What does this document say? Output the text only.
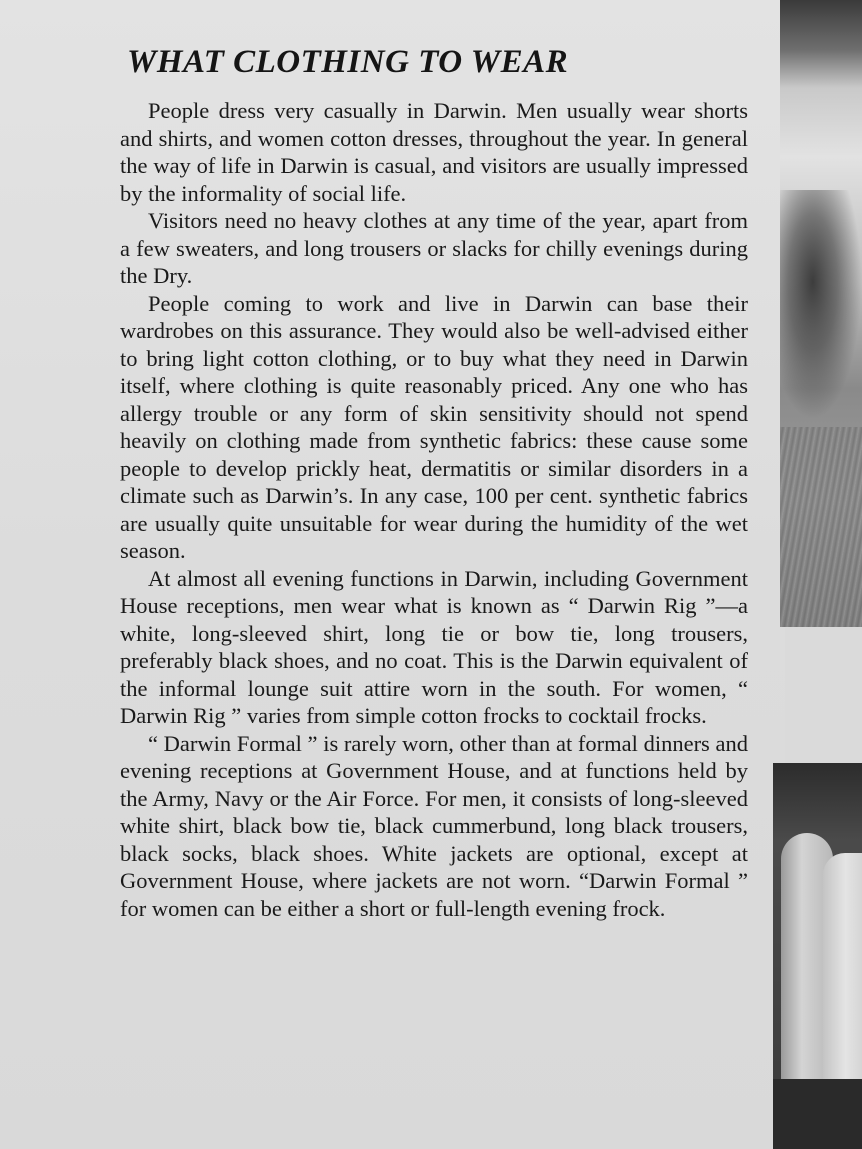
WHAT CLOTHING TO WEAR

People dress very casually in Darwin. Men usually wear shorts and shirts, and women cotton dresses, throughout the year. In general the way of life in Darwin is casual, and visitors are usually impressed by the informality of social life.

Visitors need no heavy clothes at any time of the year, apart from a few sweaters, and long trousers or slacks for chilly evenings during the Dry.

People coming to work and live in Darwin can base their wardrobes on this assurance. They would also be well-advised either to bring light cotton clothing, or to buy what they need in Darwin itself, where clothing is quite reasonably priced. Any one who has allergy trouble or any form of skin sensitivity should not spend heavily on clothing made from synthetic fabrics: these cause some people to develop prickly heat, dermatitis or similar disorders in a climate such as Darwin’s. In any case, 100 per cent. synthetic fabrics are usually quite unsuitable for wear during the humidity of the wet season.

At almost all evening functions in Darwin, including Government House receptions, men wear what is known as “ Darwin Rig ”—a white, long-sleeved shirt, long tie or bow tie, long trousers, preferably black shoes, and no coat. This is the Darwin equivalent of the informal lounge suit attire worn in the south. For women, “ Darwin Rig ” varies from simple cotton frocks to cocktail frocks.

“ Darwin Formal ” is rarely worn, other than at formal dinners and evening receptions at Government House, and at functions held by the Army, Navy or the Air Force. For men, it consists of long-sleeved white shirt, black bow tie, black cummerbund, long black trousers, black socks, black shoes. White jackets are optional, except at Government House, where jackets are not worn. “Darwin Formal ” for women can be either a short or full-length evening frock.
